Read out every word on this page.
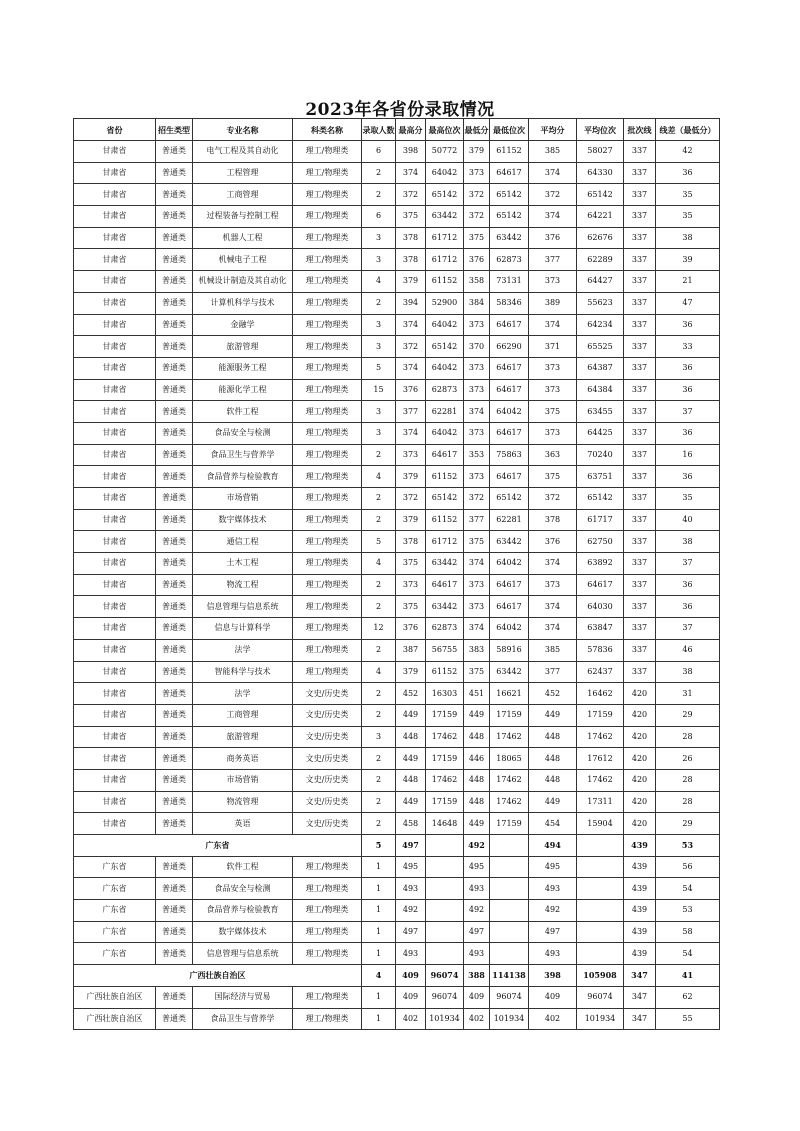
2023年各省份录取情况
省份	招生类型	专业名称	科类名称	录取人数	最高分	最高位次	最低分	最低位次	平均分	平均位次	批次线	线差（最低分）
甘肃省	普通类	电气工程及其自动化	理工/物理类	6	398	50772	379	61152	385	58027	337	42
甘肃省	普通类	工程管理	理工/物理类	2	374	64042	373	64617	374	64330	337	36
甘肃省	普通类	工商管理	理工/物理类	2	372	65142	372	65142	372	65142	337	35
甘肃省	普通类	过程装备与控制工程	理工/物理类	6	375	63442	372	65142	374	64221	337	35
甘肃省	普通类	机器人工程	理工/物理类	3	378	61712	375	63442	376	62676	337	38
甘肃省	普通类	机械电子工程	理工/物理类	3	378	61712	376	62873	377	62289	337	39
甘肃省	普通类	机械设计制造及其自动化	理工/物理类	4	379	61152	358	73131	373	64427	337	21
甘肃省	普通类	计算机科学与技术	理工/物理类	2	394	52900	384	58346	389	55623	337	47
甘肃省	普通类	金融学	理工/物理类	3	374	64042	373	64617	374	64234	337	36
甘肃省	普通类	旅游管理	理工/物理类	3	372	65142	370	66290	371	65525	337	33
甘肃省	普通类	能源服务工程	理工/物理类	5	374	64042	373	64617	373	64387	337	36
甘肃省	普通类	能源化学工程	理工/物理类	15	376	62873	373	64617	373	64384	337	36
甘肃省	普通类	软件工程	理工/物理类	3	377	62281	374	64042	375	63455	337	37
甘肃省	普通类	食品安全与检测	理工/物理类	3	374	64042	373	64617	373	64425	337	36
甘肃省	普通类	食品卫生与营养学	理工/物理类	2	373	64617	353	75863	363	70240	337	16
甘肃省	普通类	食品营养与检验教育	理工/物理类	4	379	61152	373	64617	375	63751	337	36
甘肃省	普通类	市场营销	理工/物理类	2	372	65142	372	65142	372	65142	337	35
甘肃省	普通类	数字媒体技术	理工/物理类	2	379	61152	377	62281	378	61717	337	40
甘肃省	普通类	通信工程	理工/物理类	5	378	61712	375	63442	376	62750	337	38
甘肃省	普通类	土木工程	理工/物理类	4	375	63442	374	64042	374	63892	337	37
甘肃省	普通类	物流工程	理工/物理类	2	373	64617	373	64617	373	64617	337	36
甘肃省	普通类	信息管理与信息系统	理工/物理类	2	375	63442	373	64617	374	64030	337	36
甘肃省	普通类	信息与计算科学	理工/物理类	12	376	62873	374	64042	374	63847	337	37
甘肃省	普通类	法学	理工/物理类	2	387	56755	383	58916	385	57836	337	46
甘肃省	普通类	智能科学与技术	理工/物理类	4	379	61152	375	63442	377	62437	337	38
甘肃省	普通类	法学	文史/历史类	2	452	16303	451	16621	452	16462	420	31
甘肃省	普通类	工商管理	文史/历史类	2	449	17159	449	17159	449	17159	420	29
甘肃省	普通类	旅游管理	文史/历史类	3	448	17462	448	17462	448	17462	420	28
甘肃省	普通类	商务英语	文史/历史类	2	449	17159	446	18065	448	17612	420	26
甘肃省	普通类	市场营销	文史/历史类	2	448	17462	448	17462	448	17462	420	28
甘肃省	普通类	物流管理	文史/历史类	2	449	17159	448	17462	449	17311	420	28
甘肃省	普通类	英语	文史/历史类	2	458	14648	449	17159	454	15904	420	29
广东省				5	497		492		494		439	53
广东省	普通类	软件工程	理工/物理类	1	495		495		495		439	56
广东省	普通类	食品安全与检测	理工/物理类	1	493		493		493		439	54
广东省	普通类	食品营养与检验教育	理工/物理类	1	492		492		492		439	53
广东省	普通类	数字媒体技术	理工/物理类	1	497		497		497		439	58
广东省	普通类	信息管理与信息系统	理工/物理类	1	493		493		493		439	54
广西壮族自治区				4	409	96074	388	114138	398	105908	347	41
广西壮族自治区	普通类	国际经济与贸易	理工/物理类	1	409	96074	409	96074	409	96074	347	62
广西壮族自治区	普通类	食品卫生与营养学	理工/物理类	1	402	101934	402	101934	402	101934	347	55
